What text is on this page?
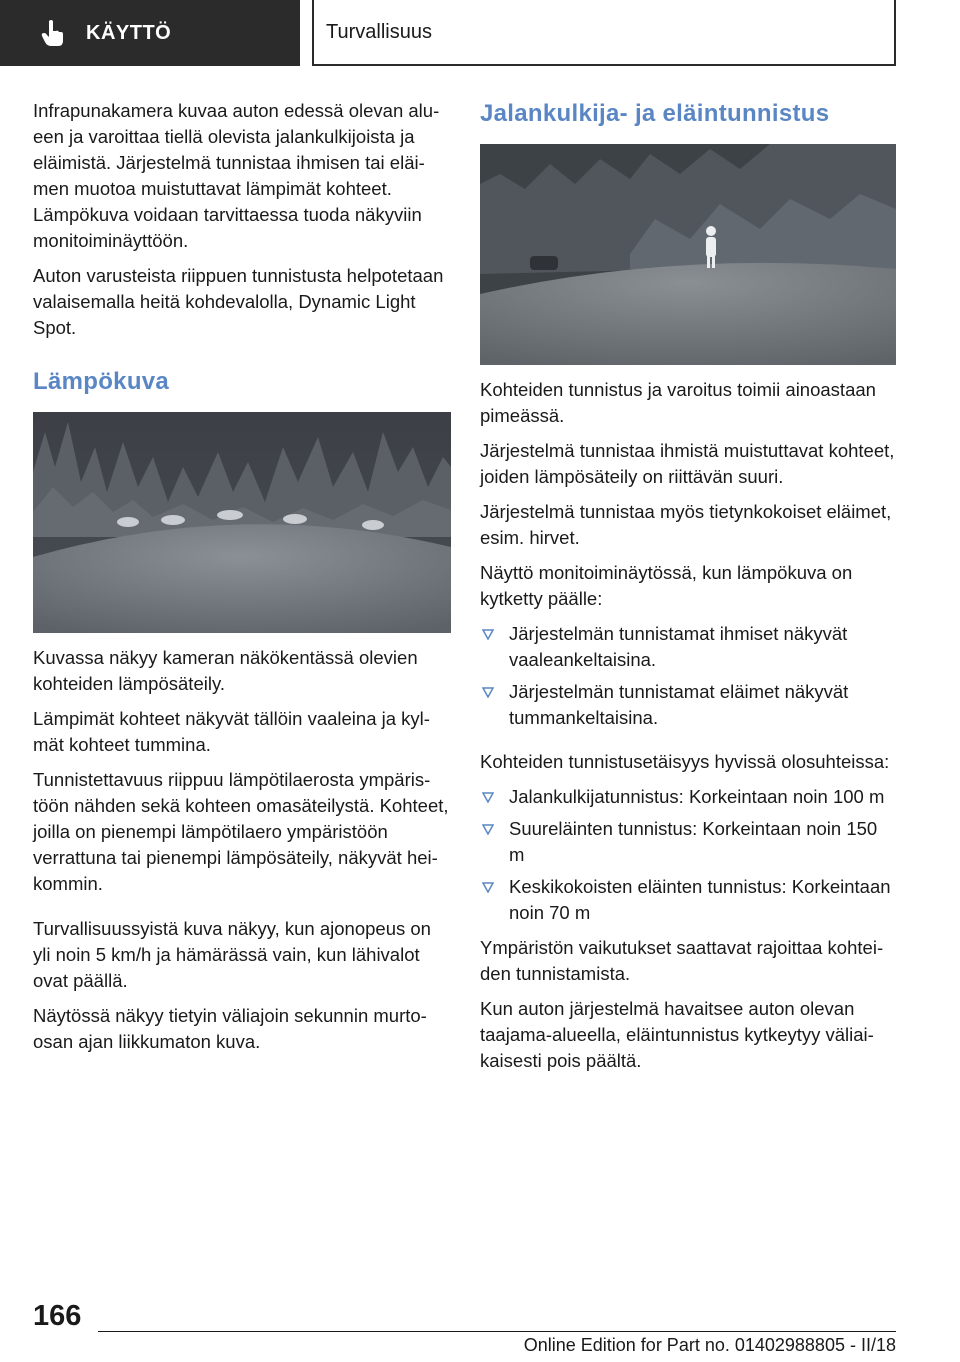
KÄYTTÖ	Turvallisuus

Infrapunakamera kuvaa auton edessä olevan alueen ja varoittaa tiellä olevista jalankulkijoista ja eläimistä. Järjestelmä tunnistaa ihmisen tai eläimen muotoa muistuttavat lämpimät kohteet. Lämpökuva voidaan tarvittaessa tuoda näkyviin monitoiminäyttöön.

Auton varusteista riippuen tunnistusta helpotetaan valaisemalla heitä kohdevalolla, Dynamic Light Spot.

Lämpökuva

Kuvassa näkyy kameran näkökentässä olevien kohteiden lämpösäteily.

Lämpimät kohteet näkyvät tällöin vaaleina ja kylmät kohteet tummina.

Tunnistettavuus riippuu lämpötilaerosta ympäristöön nähden sekä kohteen omasäteilystä. Kohteet, joilla on pienempi lämpötilaero ympäristöön verrattuna tai pienempi lämpösäteily, näkyvät heikommin.

Turvallisuussyistä kuva näkyy, kun ajonopeus on yli noin 5 km/h ja hämärässä vain, kun lähivalot ovat päällä.

Näytössä näkyy tietyin väliajoin sekunnin murtoosan ajan liikkumaton kuva.

Jalankulkija- ja eläintunnistus

Kohteiden tunnistus ja varoitus toimii ainoastaan pimeässä.

Järjestelmä tunnistaa ihmistä muistuttavat kohteet, joiden lämpösäteily on riittävän suuri.

Järjestelmä tunnistaa myös tietynkokoiset eläimet, esim. hirvet.

Näyttö monitoiminäytössä, kun lämpökuva on kytketty päälle:

Järjestelmän tunnistamat ihmiset näkyvät vaaleankeltaisina.
Järjestelmän tunnistamat eläimet näkyvät tummankeltaisina.

Kohteiden tunnistusetäisyys hyvissä olosuhteissa:

Jalankulkijatunnistus: Korkeintaan noin 100 m
Suureläinten tunnistus: Korkeintaan noin 150 m
Keskikokoisten eläinten tunnistus: Korkeintaan noin 70 m

Ympäristön vaikutukset saattavat rajoittaa kohteiden tunnistamista.

Kun auton järjestelmä havaitsee auton olevan taajama-alueella, eläintunnistus kytkeytyy väliaikaisesti pois päältä.

166
Online Edition for Part no. 01402988805 - II/18
